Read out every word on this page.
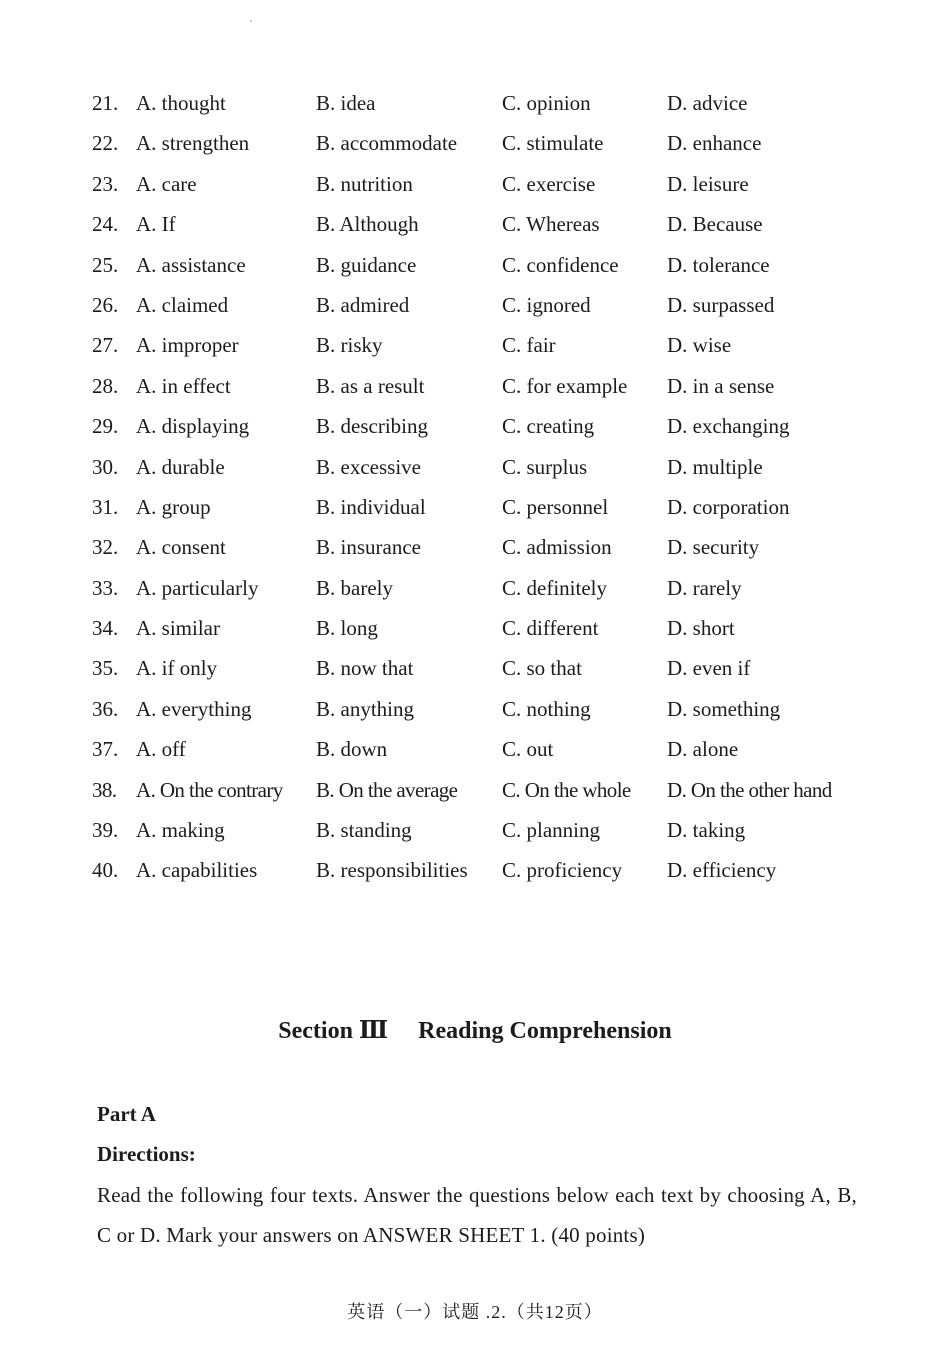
21. A. thought	B. idea	C. opinion	D. advice
22. A. strengthen	B. accommodate C. stimulate	D. enhance
23. A. care	B. nutrition	C. exercise	D. leisure
24. A. If	B. Although	C. Whereas	D. Because
25. A. assistance	B. guidance	C. confidence D. tolerance
26. A. claimed	B. admired	C. ignored	D. surpassed
27. A. improper	B. risky	C. fair	D. wise
28. A. in effect	B. as a result	C. for example D. in a sense
29. A. displaying	B. describing	C. creating	D. exchanging
30. A. durable	B. excessive	C. surplus	D. multiple
31. A. group	B. individual	C. personnel	D. corporation
32. A. consent	B. insurance	C. admission	D. security
33. A. particularly	B. barely	C. definitely	D. rarely
34. A. similar	B. long	C. different	D. short
35. A. if only	B. now that	C. so that	D. even if
36. A. everything	B. anything	C. nothing	D. something
37. A. off	B. down	C. out	D. alone
38. A. On the contrary B. On the average C. On the whole D. On the other hand
39. A. making	B. standing	C. planning	D. taking
40. A. capabilities	B. responsibilities C. proficiency D. efficiency
Section Ⅲ Reading Comprehension
Part A
Directions:
Read the following four texts. Answer the questions below each text by choosing A, B, C or D. Mark your answers on ANSWER SHEET 1. (40 points)
英语（一）试题 .2.（共12页）
